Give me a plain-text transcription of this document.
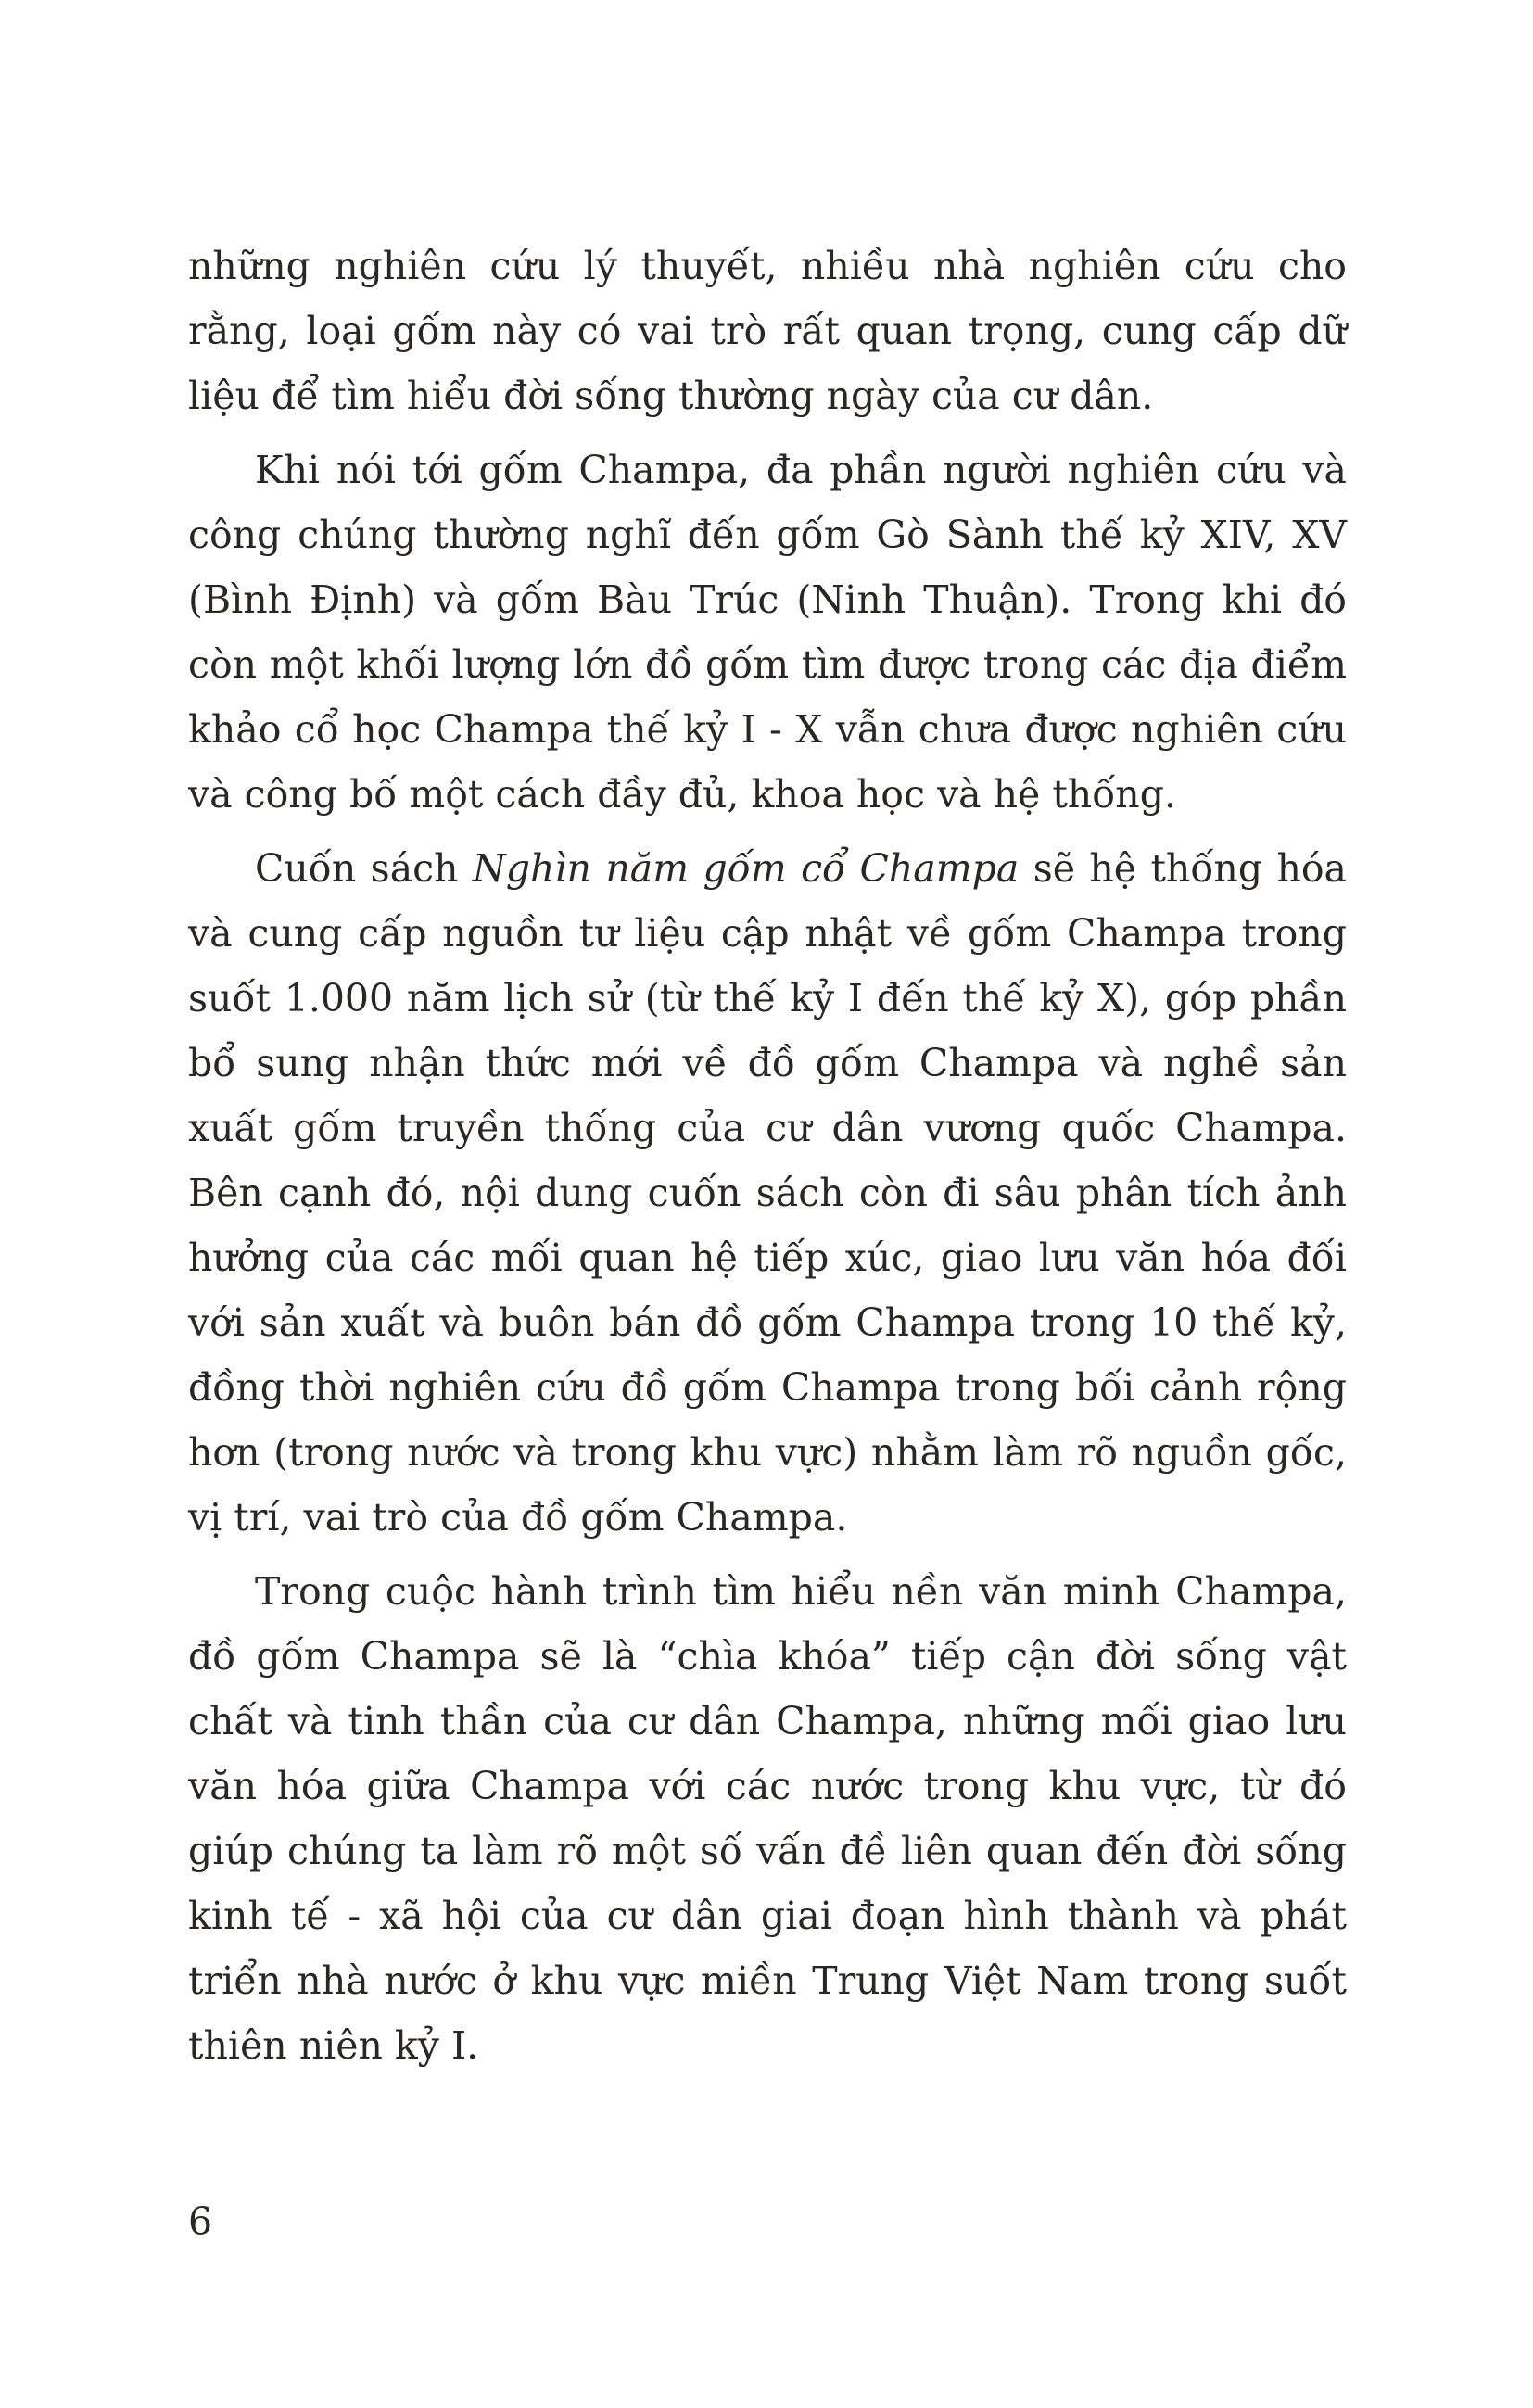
những nghiên cứu lý thuyết, nhiều nhà nghiên cứu cho rằng, loại gốm này có vai trò rất quan trọng, cung cấp dữ liệu để tìm hiểu đời sống thường ngày của cư dân.

Khi nói tới gốm Champa, đa phần người nghiên cứu và công chúng thường nghĩ đến gốm Gò Sành thế kỷ XIV, XV (Bình Định) và gốm Bàu Trúc (Ninh Thuận). Trong khi đó còn một khối lượng lớn đồ gốm tìm được trong các địa điểm khảo cổ học Champa thế kỷ I - X vẫn chưa được nghiên cứu và công bố một cách đầy đủ, khoa học và hệ thống.

Cuốn sách Nghìn năm gốm cổ Champa sẽ hệ thống hóa và cung cấp nguồn tư liệu cập nhật về gốm Champa trong suốt 1.000 năm lịch sử (từ thế kỷ I đến thế kỷ X), góp phần bổ sung nhận thức mới về đồ gốm Champa và nghề sản xuất gốm truyền thống của cư dân vương quốc Champa. Bên cạnh đó, nội dung cuốn sách còn đi sâu phân tích ảnh hưởng của các mối quan hệ tiếp xúc, giao lưu văn hóa đối với sản xuất và buôn bán đồ gốm Champa trong 10 thế kỷ, đồng thời nghiên cứu đồ gốm Champa trong bối cảnh rộng hơn (trong nước và trong khu vực) nhằm làm rõ nguồn gốc, vị trí, vai trò của đồ gốm Champa.

Trong cuộc hành trình tìm hiểu nền văn minh Champa, đồ gốm Champa sẽ là “chìa khóa” tiếp cận đời sống vật chất và tinh thần của cư dân Champa, những mối giao lưu văn hóa giữa Champa với các nước trong khu vực, từ đó giúp chúng ta làm rõ một số vấn đề liên quan đến đời sống kinh tế - xã hội của cư dân giai đoạn hình thành và phát triển nhà nước ở khu vực miền Trung Việt Nam trong suốt thiên niên kỷ I.

6
